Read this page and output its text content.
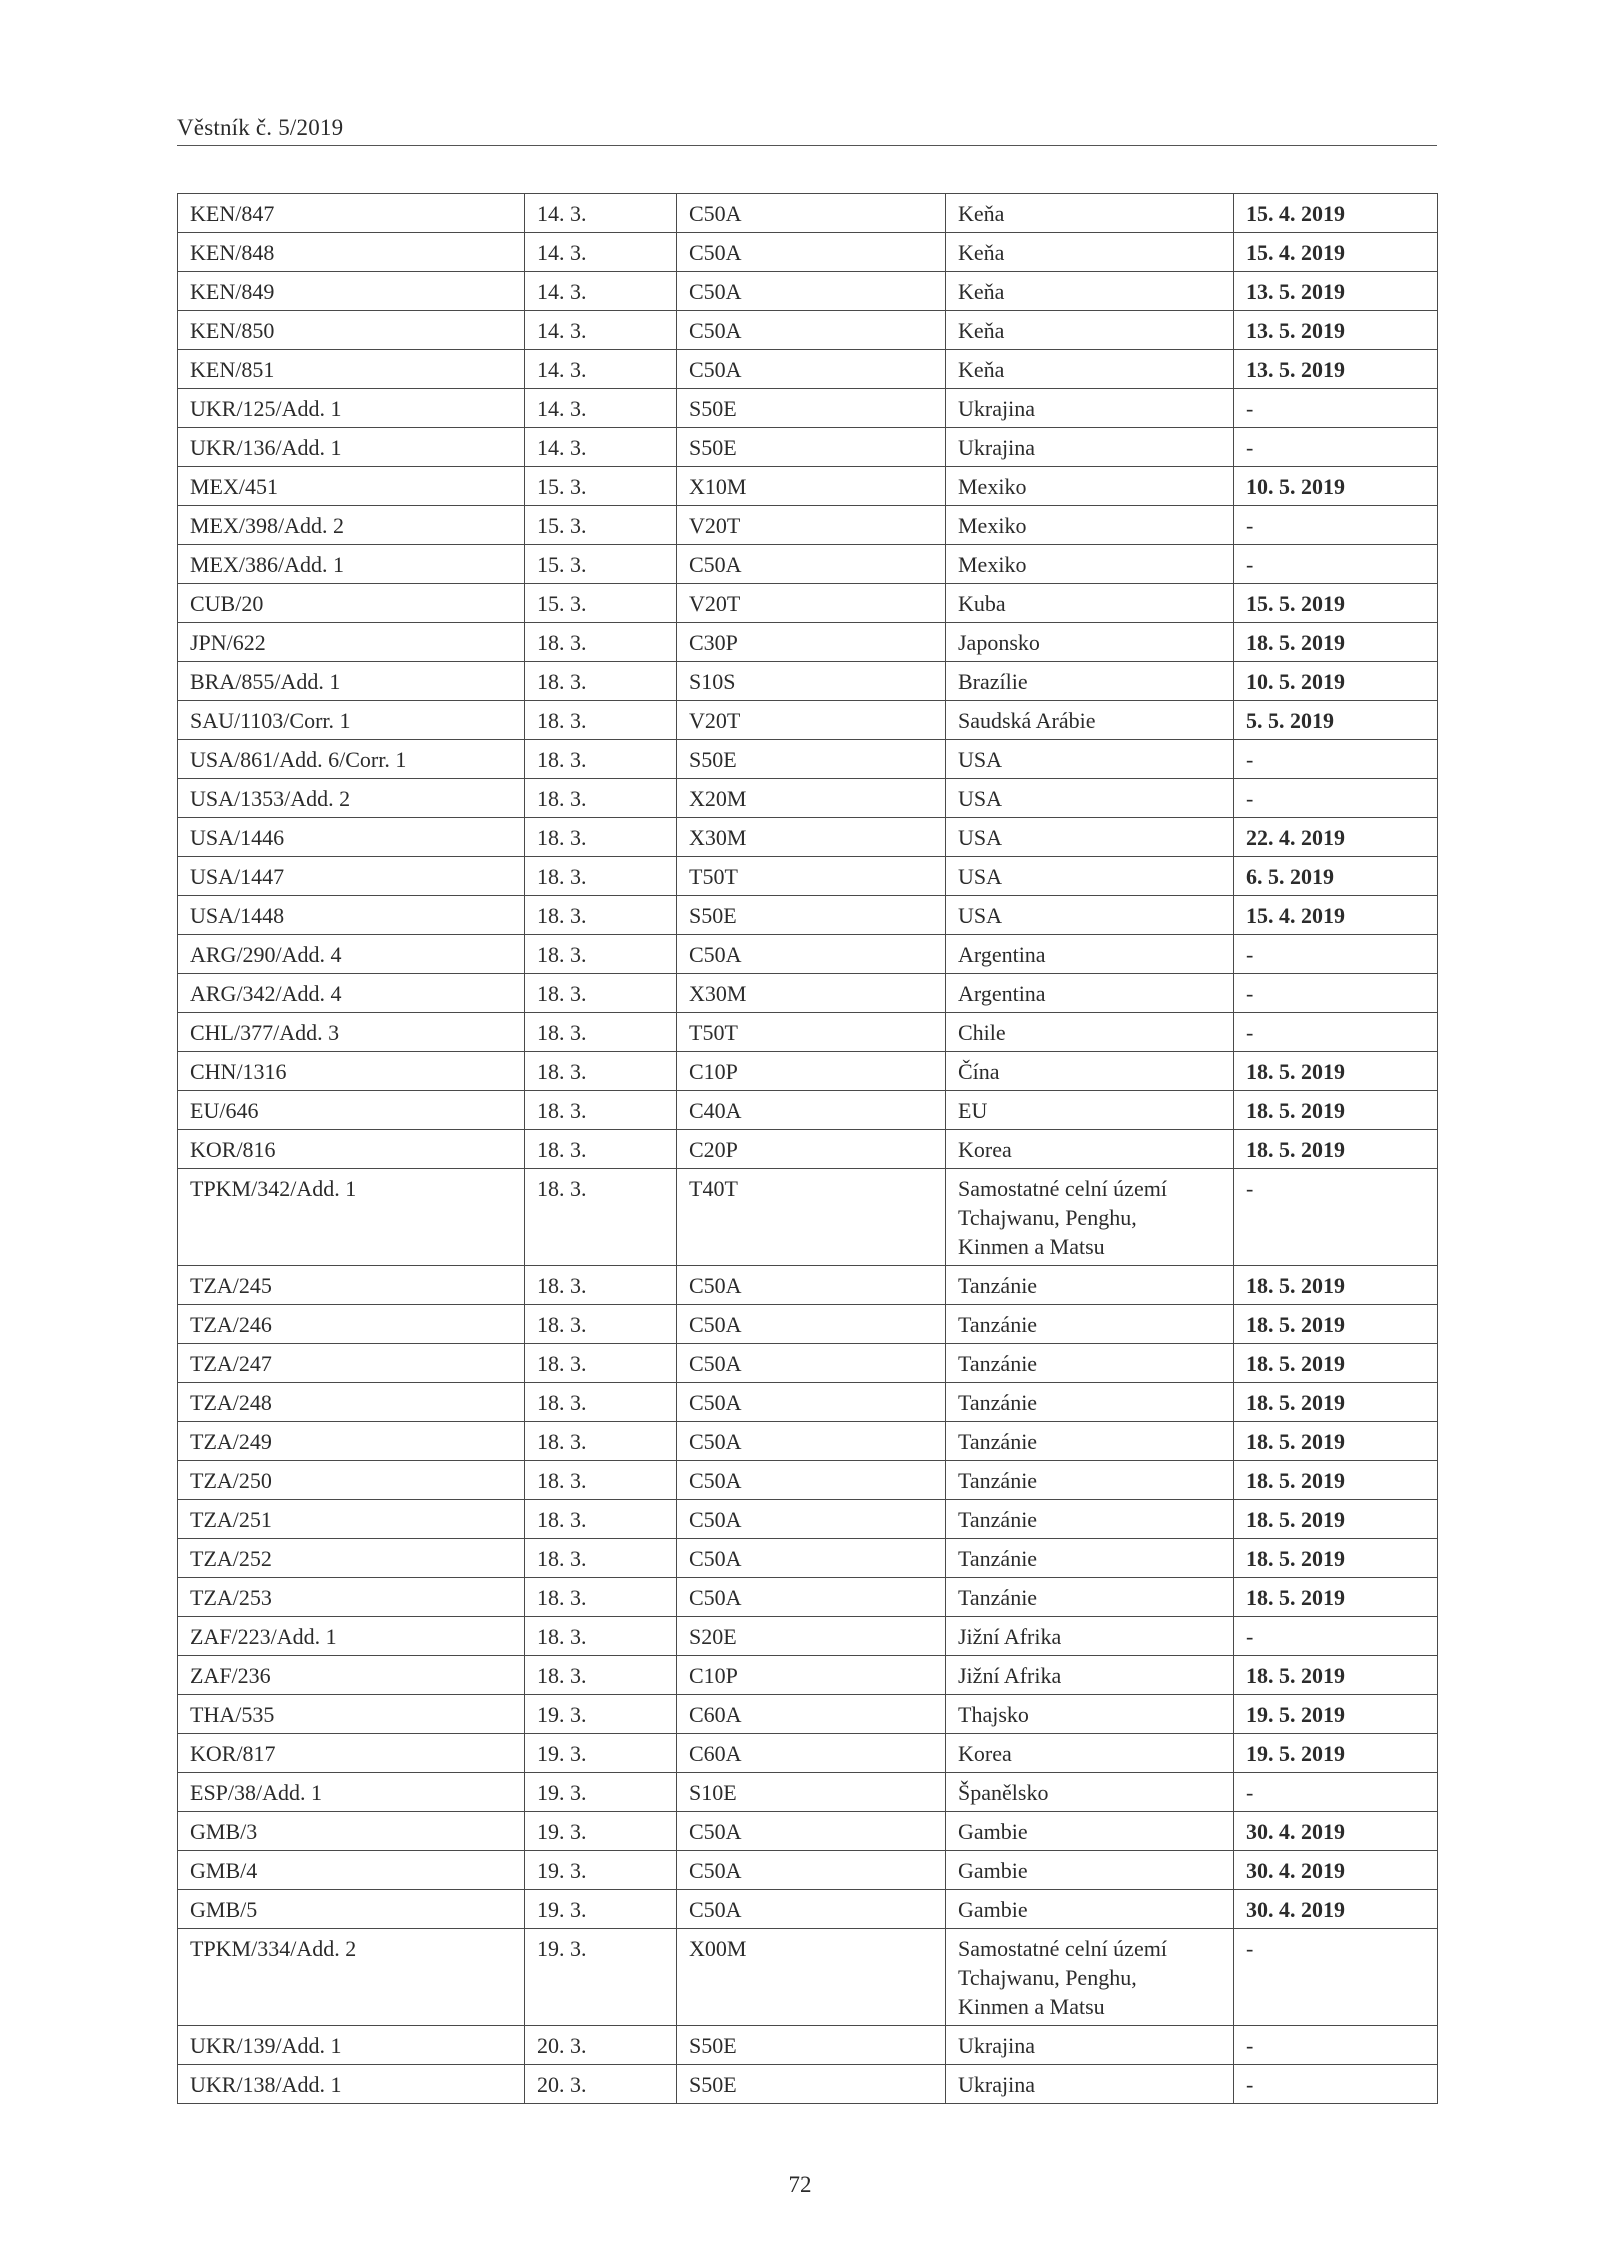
Věstník č. 5/2019
KEN/847	14. 3.	C50A	Keňa	15. 4. 2019
KEN/848	14. 3.	C50A	Keňa	15. 4. 2019
KEN/849	14. 3.	C50A	Keňa	13. 5. 2019
KEN/850	14. 3.	C50A	Keňa	13. 5. 2019
KEN/851	14. 3.	C50A	Keňa	13. 5. 2019
UKR/125/Add. 1	14. 3.	S50E	Ukrajina	-
UKR/136/Add. 1	14. 3.	S50E	Ukrajina	-
MEX/451	15. 3.	X10M	Mexiko	10. 5. 2019
MEX/398/Add. 2	15. 3.	V20T	Mexiko	-
MEX/386/Add. 1	15. 3.	C50A	Mexiko	-
CUB/20	15. 3.	V20T	Kuba	15. 5. 2019
JPN/622	18. 3.	C30P	Japonsko	18. 5. 2019
BRA/855/Add. 1	18. 3.	S10S	Brazílie	10. 5. 2019
SAU/1103/Corr. 1	18. 3.	V20T	Saudská Arábie	5. 5. 2019
USA/861/Add. 6/Corr. 1	18. 3.	S50E	USA	-
USA/1353/Add. 2	18. 3.	X20M	USA	-
USA/1446	18. 3.	X30M	USA	22. 4. 2019
USA/1447	18. 3.	T50T	USA	6. 5. 2019
USA/1448	18. 3.	S50E	USA	15. 4. 2019
ARG/290/Add. 4	18. 3.	C50A	Argentina	-
ARG/342/Add. 4	18. 3.	X30M	Argentina	-
CHL/377/Add. 3	18. 3.	T50T	Chile	-
CHN/1316	18. 3.	C10P	Čína	18. 5. 2019
EU/646	18. 3.	C40A	EU	18. 5. 2019
KOR/816	18. 3.	C20P	Korea	18. 5. 2019
TPKM/342/Add. 1	18. 3.	T40T	Samostatné celní území
Tchajwanu, Penghu,
Kinmen a Matsu	-
TZA/245	18. 3.	C50A	Tanzánie	18. 5. 2019
TZA/246	18. 3.	C50A	Tanzánie	18. 5. 2019
TZA/247	18. 3.	C50A	Tanzánie	18. 5. 2019
TZA/248	18. 3.	C50A	Tanzánie	18. 5. 2019
TZA/249	18. 3.	C50A	Tanzánie	18. 5. 2019
TZA/250	18. 3.	C50A	Tanzánie	18. 5. 2019
TZA/251	18. 3.	C50A	Tanzánie	18. 5. 2019
TZA/252	18. 3.	C50A	Tanzánie	18. 5. 2019
TZA/253	18. 3.	C50A	Tanzánie	18. 5. 2019
ZAF/223/Add. 1	18. 3.	S20E	Jižní Afrika	-
ZAF/236	18. 3.	C10P	Jižní Afrika	18. 5. 2019
THA/535	19. 3.	C60A	Thajsko	19. 5. 2019
KOR/817	19. 3.	C60A	Korea	19. 5. 2019
ESP/38/Add. 1	19. 3.	S10E	Španělsko	-
GMB/3	19. 3.	C50A	Gambie	30. 4. 2019
GMB/4	19. 3.	C50A	Gambie	30. 4. 2019
GMB/5	19. 3.	C50A	Gambie	30. 4. 2019
TPKM/334/Add. 2	19. 3.	X00M	Samostatné celní území
Tchajwanu, Penghu,
Kinmen a Matsu	-
UKR/139/Add. 1	20. 3.	S50E	Ukrajina	-
UKR/138/Add. 1	20. 3.	S50E	Ukrajina	-
72
